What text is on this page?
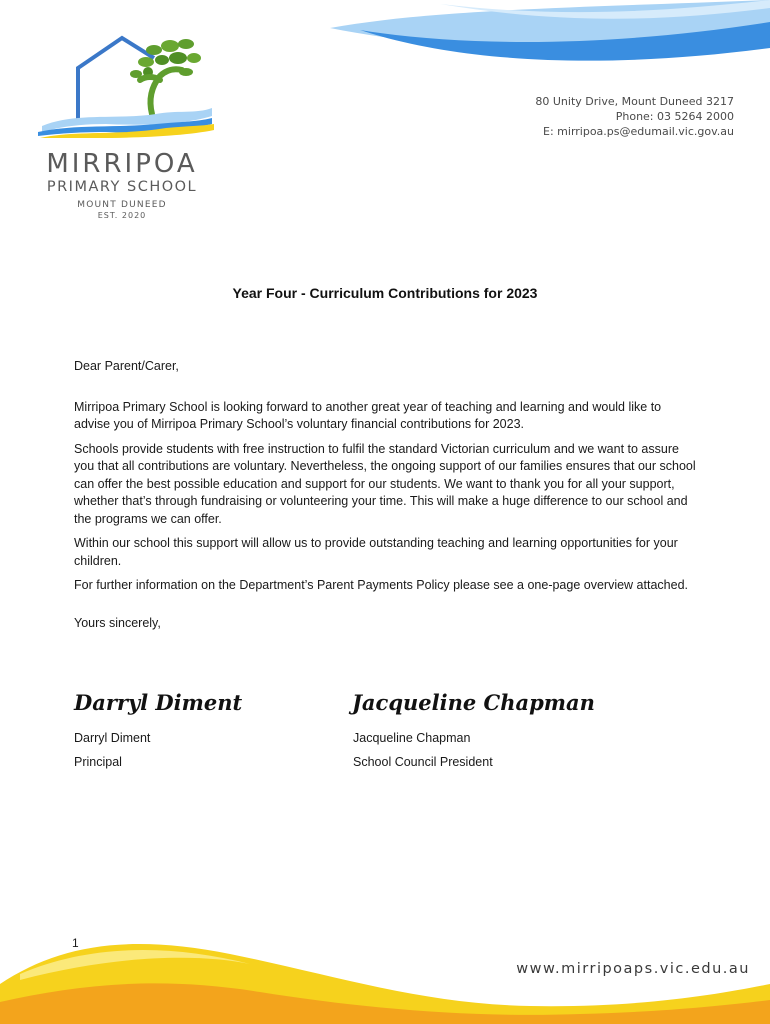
MIRRIPOA
PRIMARY SCHOOL
MOUNT DUNEED
EST. 2020
80 Unity Drive, Mount Duneed 3217
Phone: 03 5264 2000
E: mirripoa.ps@edumail.vic.gov.au
Year Four - Curriculum Contributions for 2023

Dear Parent/Carer,

Mirripoa Primary School is looking forward to another great year of teaching and learning and would like to advise you of Mirripoa Primary School’s voluntary financial contributions for 2023.

Schools provide students with free instruction to fulfil the standard Victorian curriculum and we want to assure you that all contributions are voluntary. Nevertheless, the ongoing support of our families ensures that our school can offer the best possible education and support for our students. We want to thank you for all your support, whether that’s through fundraising or volunteering your time. This will make a huge difference to our school and the programs we can offer.

Within our school this support will allow us to provide outstanding teaching and learning opportunities for your children.

For further information on the Department’s Parent Payments Policy please see a one-page overview attached.

Yours sincerely,

Darryl Diment	Jacqueline Chapman
Darryl Diment
Principal
Jacqueline Chapman
School Council President
1
www.mirripoaps.vic.edu.au
